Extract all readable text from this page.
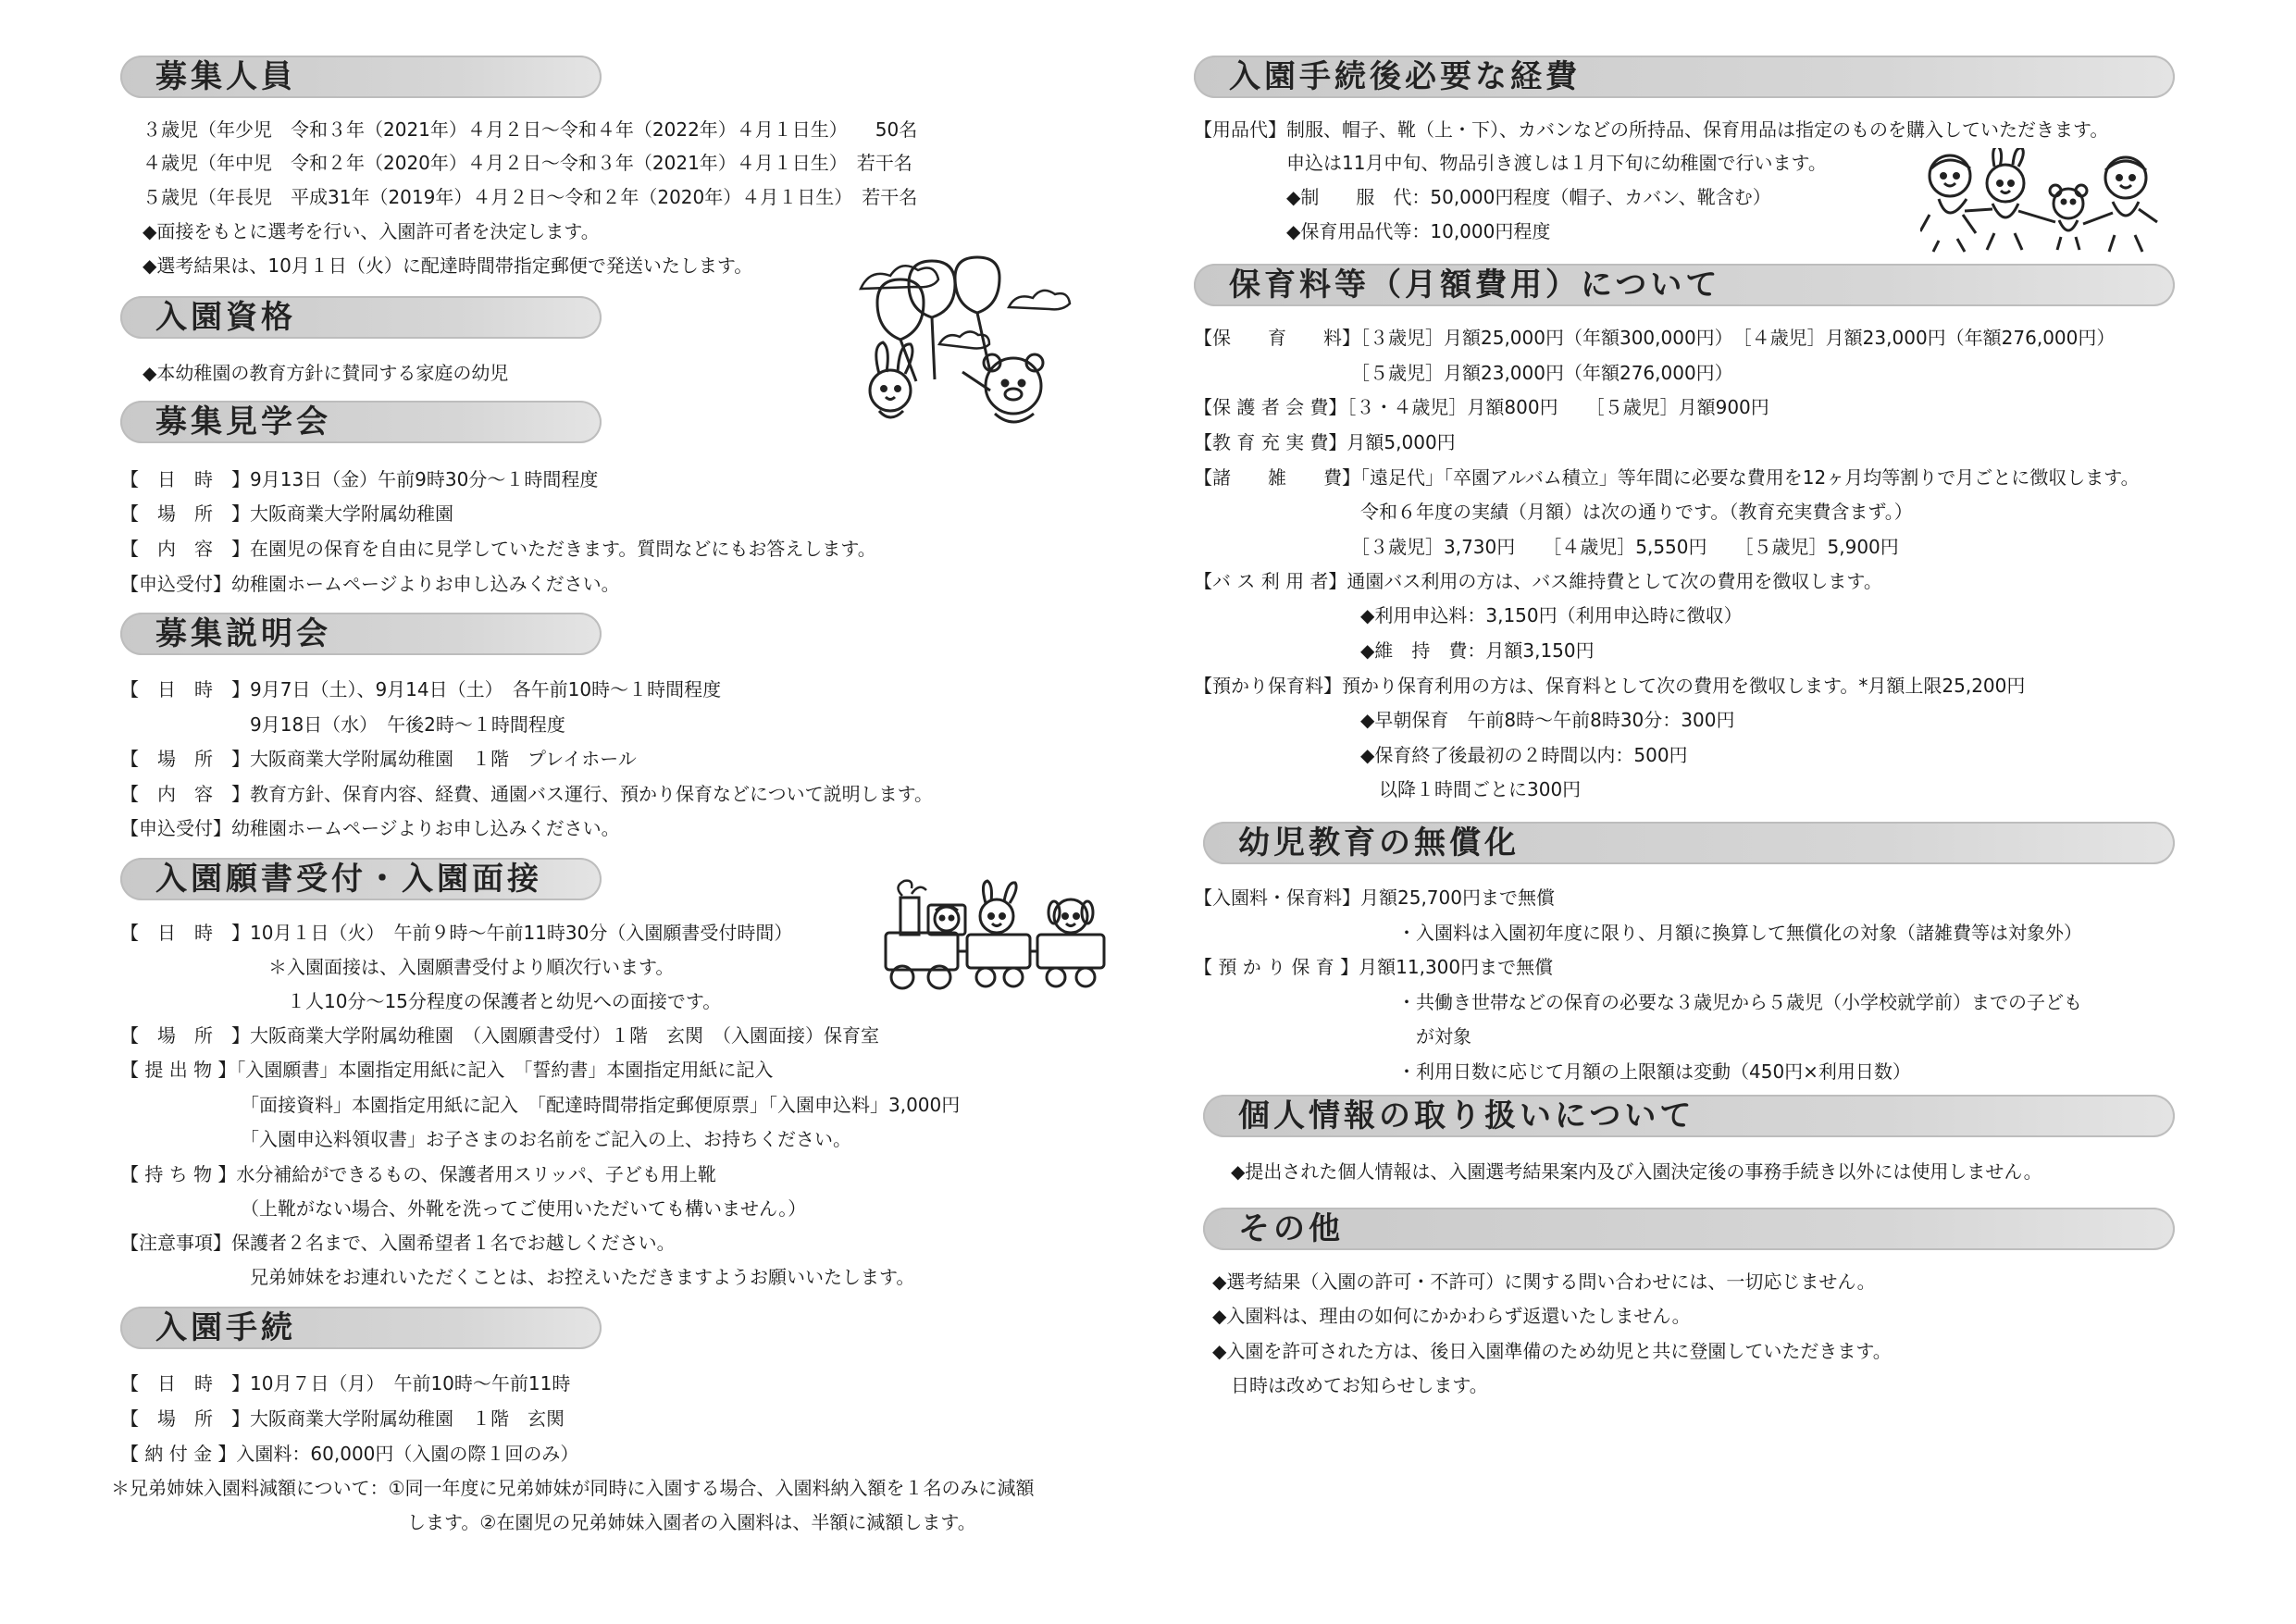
募集人員
３歳児（年少児　令和３年（2021年）４月２日〜令和４年（2022年）４月１日生）　　50名
４歳児（年中児　令和２年（2020年）４月２日〜令和３年（2021年）４月１日生）　若干名
５歳児（年長児　平成31年（2019年）４月２日〜令和２年（2020年）４月１日生）　若干名
◆面接をもとに選考を行い、入園許可者を決定します。
◆選考結果は、10月１日（火）に配達時間帯指定郵便で発送いたします。
入園資格
◆本幼稚園の教育方針に賛同する家庭の幼児
募集見学会
【　日　時　】9月13日（金）午前9時30分〜１時間程度
【　場　所　】大阪商業大学附属幼稚園
【　内　容　】在園児の保育を自由に見学していただきます。質問などにもお答えします。
【申込受付】幼稚園ホームページよりお申し込みください。
募集説明会
【　日　時　】9月7日（土）、9月14日（土）　各午前10時〜１時間程度
　　　　　　　9月18日（水）　午後2時〜１時間程度
【　場　所　】大阪商業大学附属幼稚園　１階　プレイホール
【　内　容　】教育方針、保育内容、経費、通園バス運行、預かり保育などについて説明します。
【申込受付】幼稚園ホームページよりお申し込みください。
入園願書受付・入園面接
【　日　時　】10月１日（火）　午前９時〜午前11時30分（入園願書受付時間）
　　　　　　　　＊入園面接は、入園願書受付より順次行います。
　　　　　　　　　１人10分〜15分程度の保護者と幼児への面接です。
【　場　所　】大阪商業大学附属幼稚園　（入園願書受付）１階　玄関　（入園面接）保育室
【 提 出 物 】「入園願書」本園指定用紙に記入　「誓約書」本園指定用紙に記入
　　　　　　　「面接資料」本園指定用紙に記入　「配達時間帯指定郵便原票」「入園申込料」3,000円
　　　　　　　「入園申込料領収書」お子さまのお名前をご記入の上、お持ちください。
【 持 ち 物 】水分補給ができるもの、保護者用スリッパ、子ども用上靴
　　　　　　　（上靴がない場合、外靴を洗ってご使用いただいても構いません。）
【注意事項】保護者２名まで、入園希望者１名でお越しください。
　　　　　　　兄弟姉妹をお連れいただくことは、お控えいただきますようお願いいたします。
入園手続
【　日　時　】10月７日（月）　午前10時〜午前11時
【　場　所　】大阪商業大学附属幼稚園　１階　玄関
【 納 付 金 】入園料：60,000円（入園の際１回のみ）
＊兄弟姉妹入園料減額について：①同一年度に兄弟姉妹が同時に入園する場合、入園料納入額を１名のみに減額
　　　　　　　　　　　　　　　　します。②在園児の兄弟姉妹入園者の入園料は、半額に減額します。
入園手続後必要な経費
【用品代】制服、帽子、靴（上・下）、カバンなどの所持品、保育用品は指定のものを購入していただきます。
　　　　　申込は11月中旬、物品引き渡しは１月下旬に幼稚園で行います。
　　　　　◆制　　服　代：50,000円程度（帽子、カバン、靴含む）
　　　　　◆保育用品代等：10,000円程度
保育料等（月額費用）について
【保　　育　　料】［３歳児］月額25,000円（年額300,000円）　［４歳児］月額23,000円（年額276,000円）
　　　　　　　　　［５歳児］月額23,000円（年額276,000円）
【保 護 者 会 費】［３・４歳児］月額800円　　［５歳児］月額900円
【教 育 充 実 費】月額5,000円
【諸　　雑　　費】「遠足代」「卒園アルバム積立」等年間に必要な費用を12ヶ月均等割りで月ごとに徴収します。
　　　　　　　　　令和６年度の実績（月額）は次の通りです。（教育充実費含まず。）
　　　　　　　　　［３歳児］3,730円　　［４歳児］5,550円　　［５歳児］5,900円
【バ ス 利 用 者】通園バス利用の方は、バス維持費として次の費用を徴収します。
　　　　　　　　　◆利用申込料：3,150円（利用申込時に徴収）
　　　　　　　　　◆維　持　費：月額3,150円
【預かり保育料】預かり保育利用の方は、保育料として次の費用を徴収します。*月額上限25,200円
　　　　　　　　　◆早朝保育　午前8時〜午前8時30分：300円
　　　　　　　　　◆保育終了後最初の２時間以内：500円
　　　　　　　　　　以降１時間ごとに300円
幼児教育の無償化
【入園料・保育料】月額25,700円まで無償
　　　　　　　　　　　・入園料は入園初年度に限り、月額に換算して無償化の対象（諸雑費等は対象外）
【 預 か り 保 育 】月額11,300円まで無償
　　　　　　　　　　　・共働き世帯などの保育の必要な３歳児から５歳児（小学校就学前）までの子ども
　　　　　　　　　　　　が対象
　　　　　　　　　　　・利用日数に応じて月額の上限額は変動（450円×利用日数）
個人情報の取り扱いについて
◆提出された個人情報は、入園選考結果案内及び入園決定後の事務手続き以外には使用しません。
その他
◆選考結果（入園の許可・不許可）に関する問い合わせには、一切応じません。
◆入園料は、理由の如何にかかわらず返還いたしません。
◆入園を許可された方は、後日入園準備のため幼児と共に登園していただきます。
　日時は改めてお知らせします。
